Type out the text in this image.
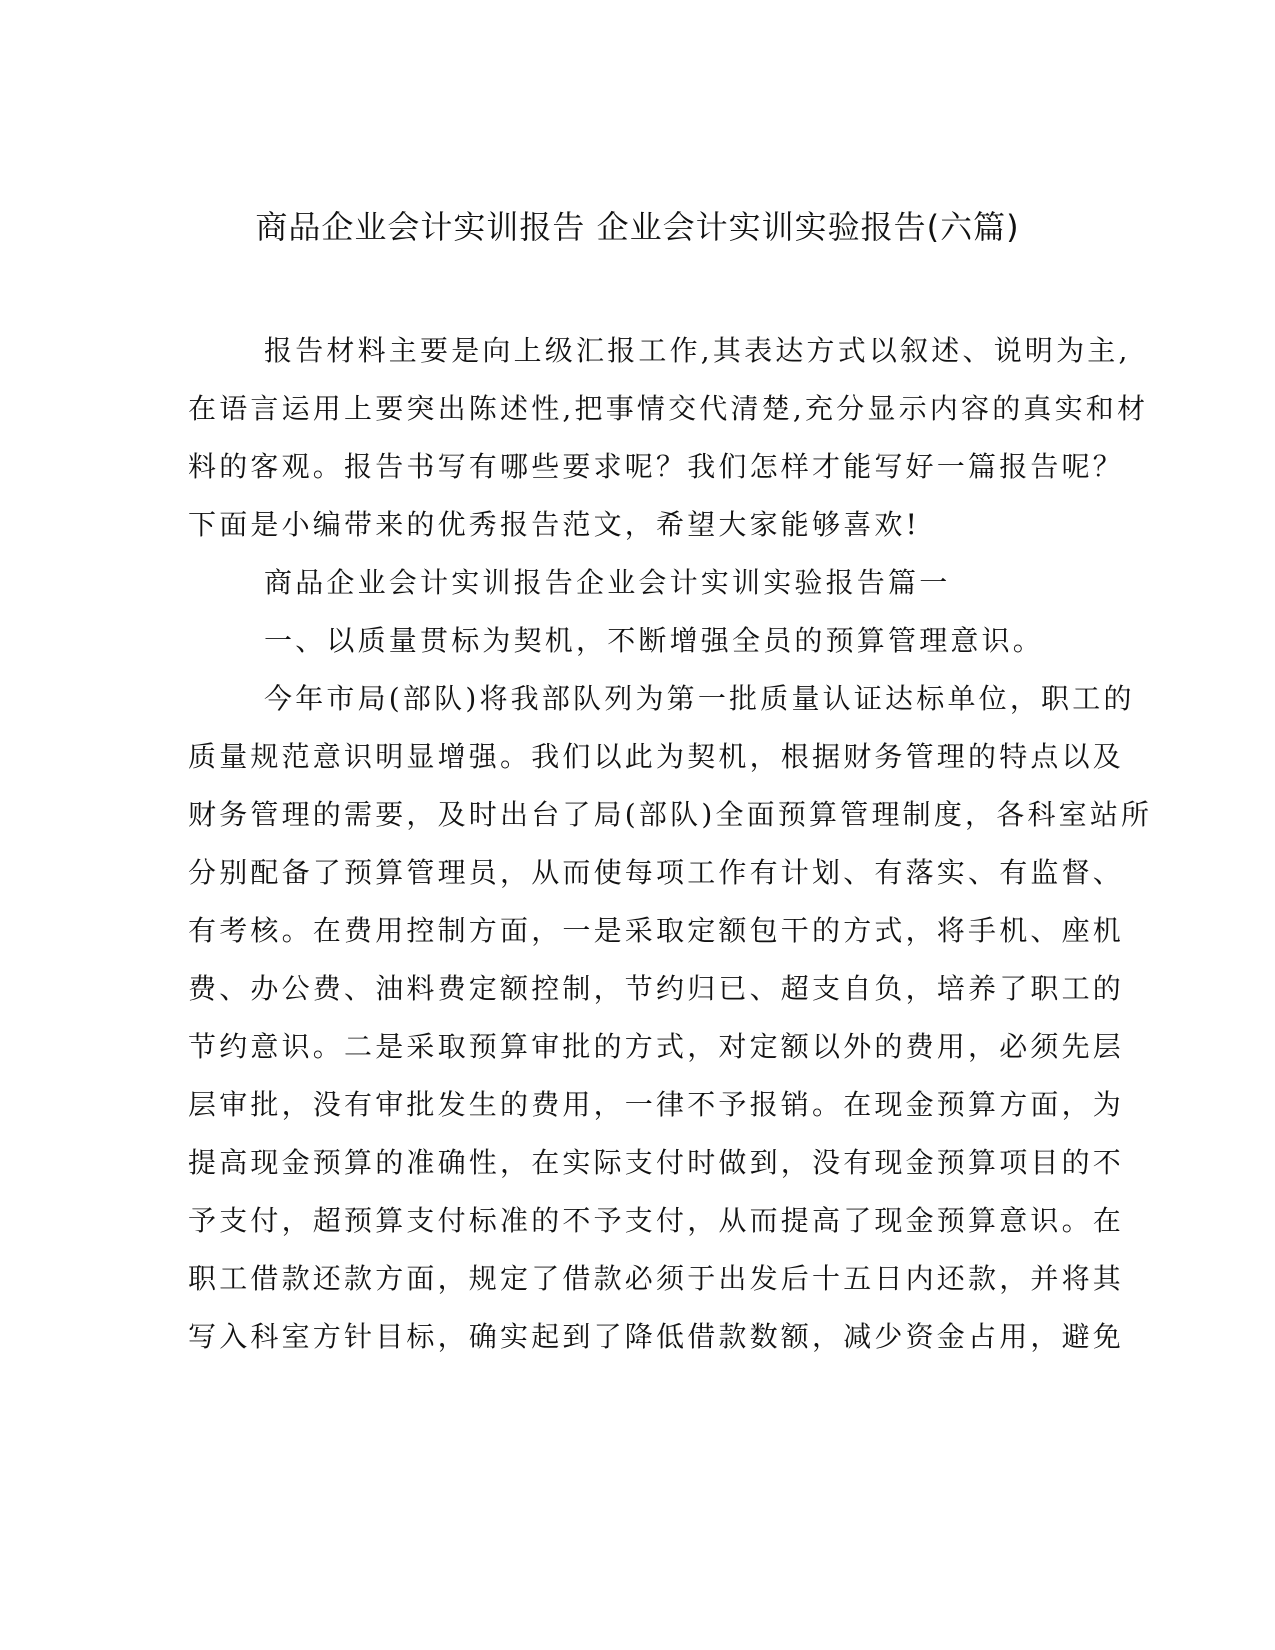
商品企业会计实训报告 企业会计实训实验报告(六篇)

报告材料主要是向上级汇报工作,其表达方式以叙述、说明为主,

在语言运用上要突出陈述性,把事情交代清楚,充分显示内容的真实和材

料的客观。报告书写有哪些要求呢？我们怎样才能写好一篇报告呢？

下面是小编带来的优秀报告范文，希望大家能够喜欢!

商品企业会计实训报告企业会计实训实验报告篇一

一、以质量贯标为契机，不断增强全员的预算管理意识。

今年市局(部队)将我部队列为第一批质量认证达标单位，职工的

质量规范意识明显增强。我们以此为契机，根据财务管理的特点以及

财务管理的需要，及时出台了局(部队)全面预算管理制度，各科室站所

分别配备了预算管理员，从而使每项工作有计划、有落实、有监督、

有考核。在费用控制方面，一是采取定额包干的方式，将手机、座机

费、办公费、油料费定额控制，节约归已、超支自负，培养了职工的

节约意识。二是采取预算审批的方式，对定额以外的费用，必须先层

层审批，没有审批发生的费用，一律不予报销。在现金预算方面，为

提高现金预算的准确性，在实际支付时做到，没有现金预算项目的不

予支付，超预算支付标准的不予支付，从而提高了现金预算意识。在

职工借款还款方面，规定了借款必须于出发后十五日内还款，并将其

写入科室方针目标，确实起到了降低借款数额，减少资金占用，避免
